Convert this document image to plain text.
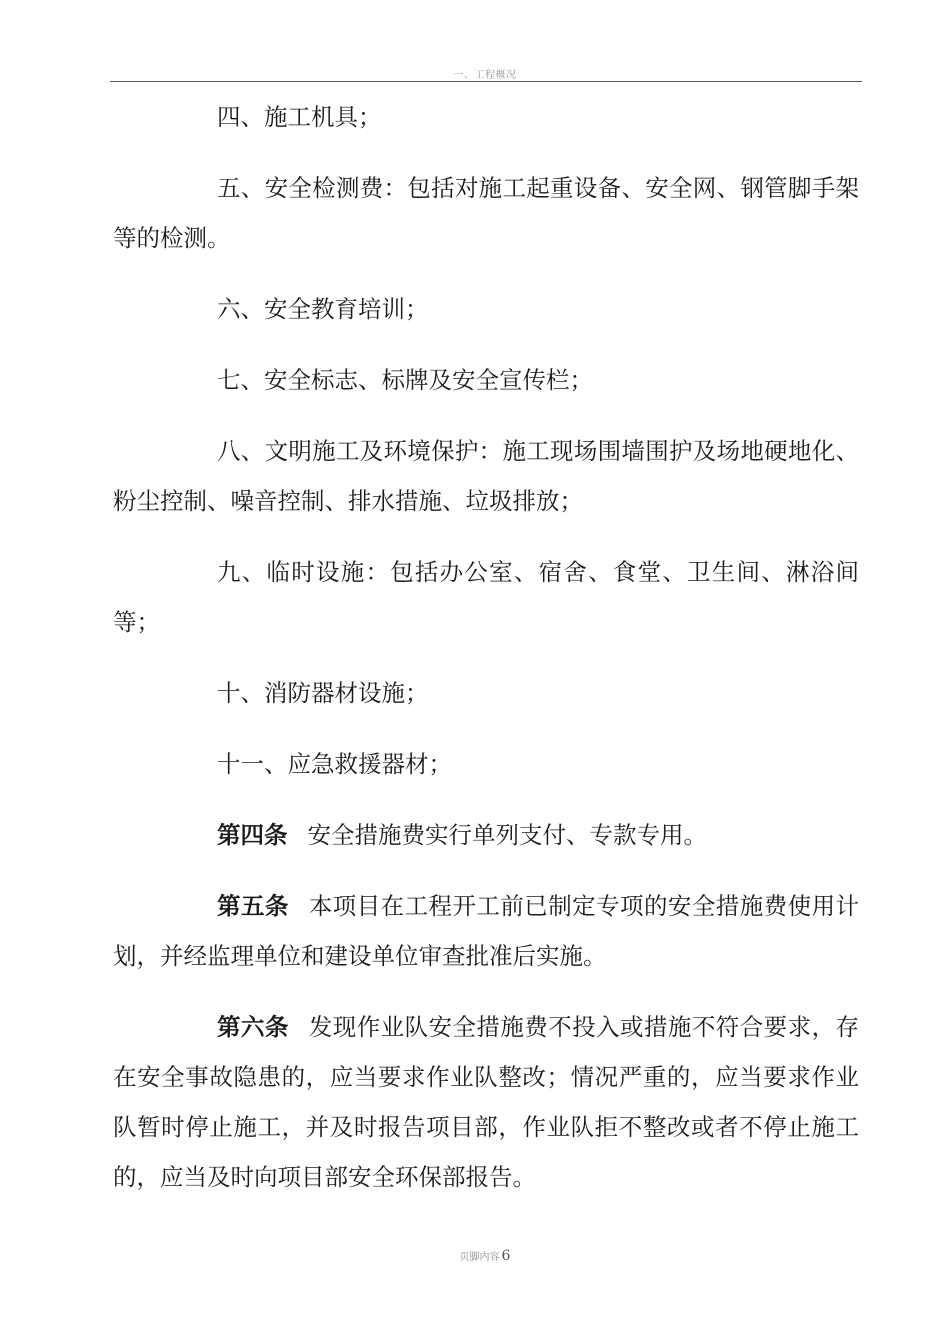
一、工程概况

四、施工机具；

五、安全检测费：包括对施工起重设备、安全网、钢管脚手架等的检测。

六、安全教育培训；

七、安全标志、标牌及安全宣传栏；

八、文明施工及环境保护：施工现场围墙围护及场地硬地化、粉尘控制、噪音控制、排水措施、垃圾排放；

九、临时设施：包括办公室、宿舍、食堂、卫生间、淋浴间等；

十、消防器材设施；

十一、应急救援器材；

第四条 安全措施费实行单列支付、专款专用。

第五条 本项目在工程开工前已制定专项的安全措施费使用计划，并经监理单位和建设单位审查批准后实施。

第六条 发现作业队安全措施费不投入或措施不符合要求，存在安全事故隐患的，应当要求作业队整改；情况严重的，应当要求作业队暂时停止施工，并及时报告项目部，作业队拒不整改或者不停止施工的，应当及时向项目部安全环保部报告。

页脚内容 6
